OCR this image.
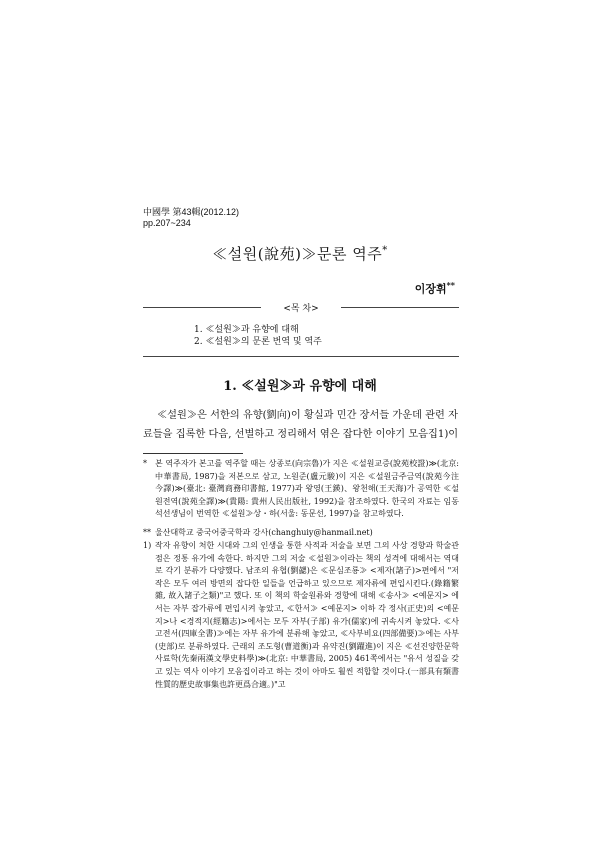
中國學 第43輯(2012.12)
pp.207~234
≪설원(說苑)≫문론 역주*
이장휘**
<목 차>
1. ≪설원≫과 유향에 대해
2. ≪설원≫의 문론 번역 및 역주
1. ≪설원≫과 유향에 대해
≪설원≫은 서한의 유향(劉向)이 황실과 민간 장서들 가운데 관련 자료들을 집록한 다음, 선별하고 정리해서 엮은 잡다한 이야기 모음집1)이
* 본 역주자가 본고를 역주할 때는 상종로(向宗魯)가 지은 ≪설원교증(說苑校證)≫(北京: 中華書局, 1987)을 저본으로 삼고, 노원준(盧元駿)이 지은 ≪설원금주금역(說苑今注今譯)≫(臺北: 臺灣商務印書館, 1977)과 왕영(王鍈)、왕천해(王天海)가 공역한 ≪설원전역(說苑全譯)≫(貴陽: 貴州人民出版社, 1992)을 참조하였다. 한국의 자료는 임동석선생님이 번역한 ≪설원≫상・하(서울: 동문선, 1997)을 참고하였다.
** 울산대학교 중국어중국학과 강사(changhuiy@hanmail.net)
1) 작자 유향이 처한 시대와 그의 인생을 통한 사적과 저술을 보면 그의 사상 경향과 학술관점은 정통 유가에 속한다. 하지만 그의 저술 ≪설원≫이라는 책의 성격에 대해서는 역대로 각기 분류가 다양했다. 남조의 유협(劉勰)은 ≪문심조룡≫ <제자(諸子)>편에서 "저작은 모두 여러 방면의 잡다한 일들을 언급하고 있으므로 제자류에 편입시킨다.(錄籍繁雜, 故入諸子之類)"고 했다. 또 이 책의 학술원류와 경향에 대해 ≪송사≫ <예문지> 에서는 자부 잡가류에 편입시켜 놓았고, ≪한서≫ <예문지> 이하 각 정사(正史)의 <예문지>나 <경적지(經籍志)>에서는 모두 자부(子部) 유가(儒家)에 귀속시켜 놓았다. ≪사고전서(四庫全書)≫에는 자부 유가에 분류해 놓았고, ≪사부비요(四部備要)≫에는 사부(史部)로 분류하였다. 근래의 조도형(曹道衡)과 유약진(劉躍進)이 지은 ≪선진양한문학사료학(先秦兩漢文學史料學)≫(北京: 中華書局, 2005) 461쪽에서는 "유서 성질을 갖고 있는 역사 이야기 모음집이라고 하는 것이 아마도 훨씬 적합할 것이다.(一部具有類書性質的歷史故事集也許更爲合適。)"고
